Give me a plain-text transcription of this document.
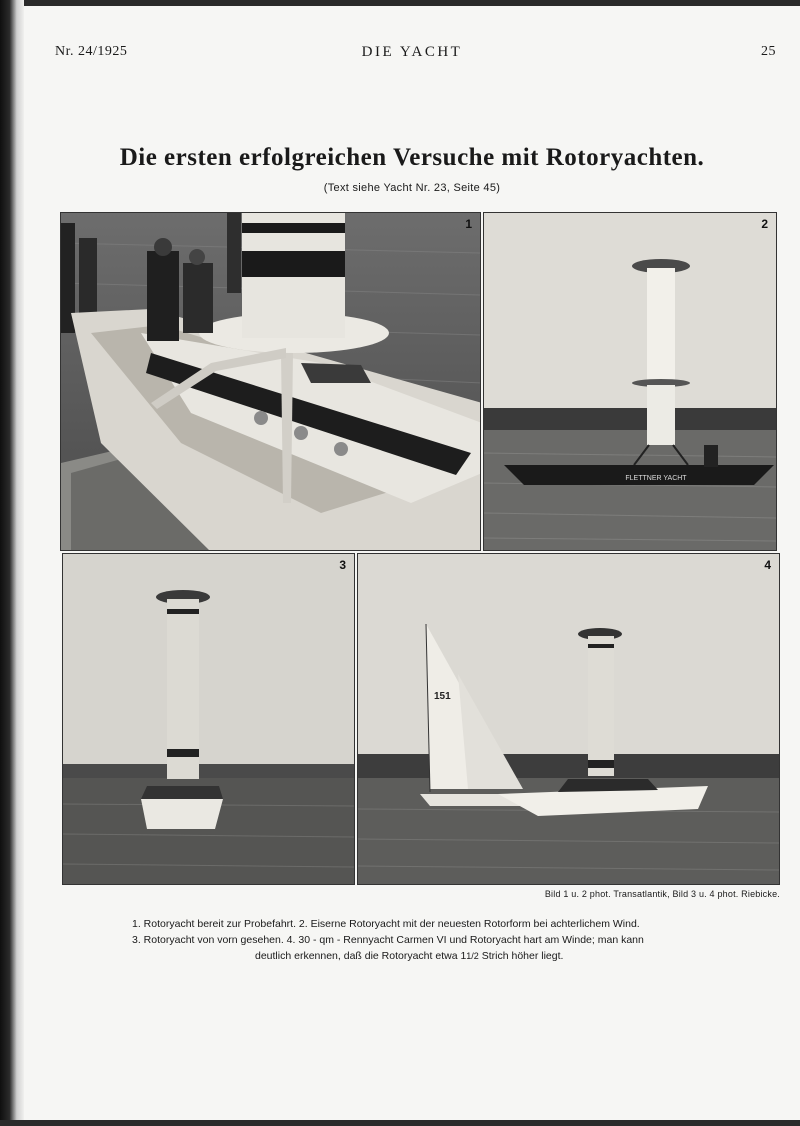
Nr. 24/1925	DIE YACHT	25
Die ersten erfolgreichen Versuche mit Rotoryachten.
(Text siehe Yacht Nr. 23, Seite 45)
1
FLETTNER YACHT
2
3
151
4
Bild 1 u. 2 phot. Transatlantik, Bild 3 u. 4 phot. Riebicke.
1. Rotoryacht bereit zur Probefahrt. 2. Eiserne Rotoryacht mit der neuesten Rotorform bei achterlichem Wind.
3. Rotoryacht von vorn gesehen. 4. 30 - qm - Rennyacht Carmen VI und Rotoryacht hart am Winde; man kann
deutlich erkennen, daß die Rotoryacht etwa 11/2 Strich höher liegt.
